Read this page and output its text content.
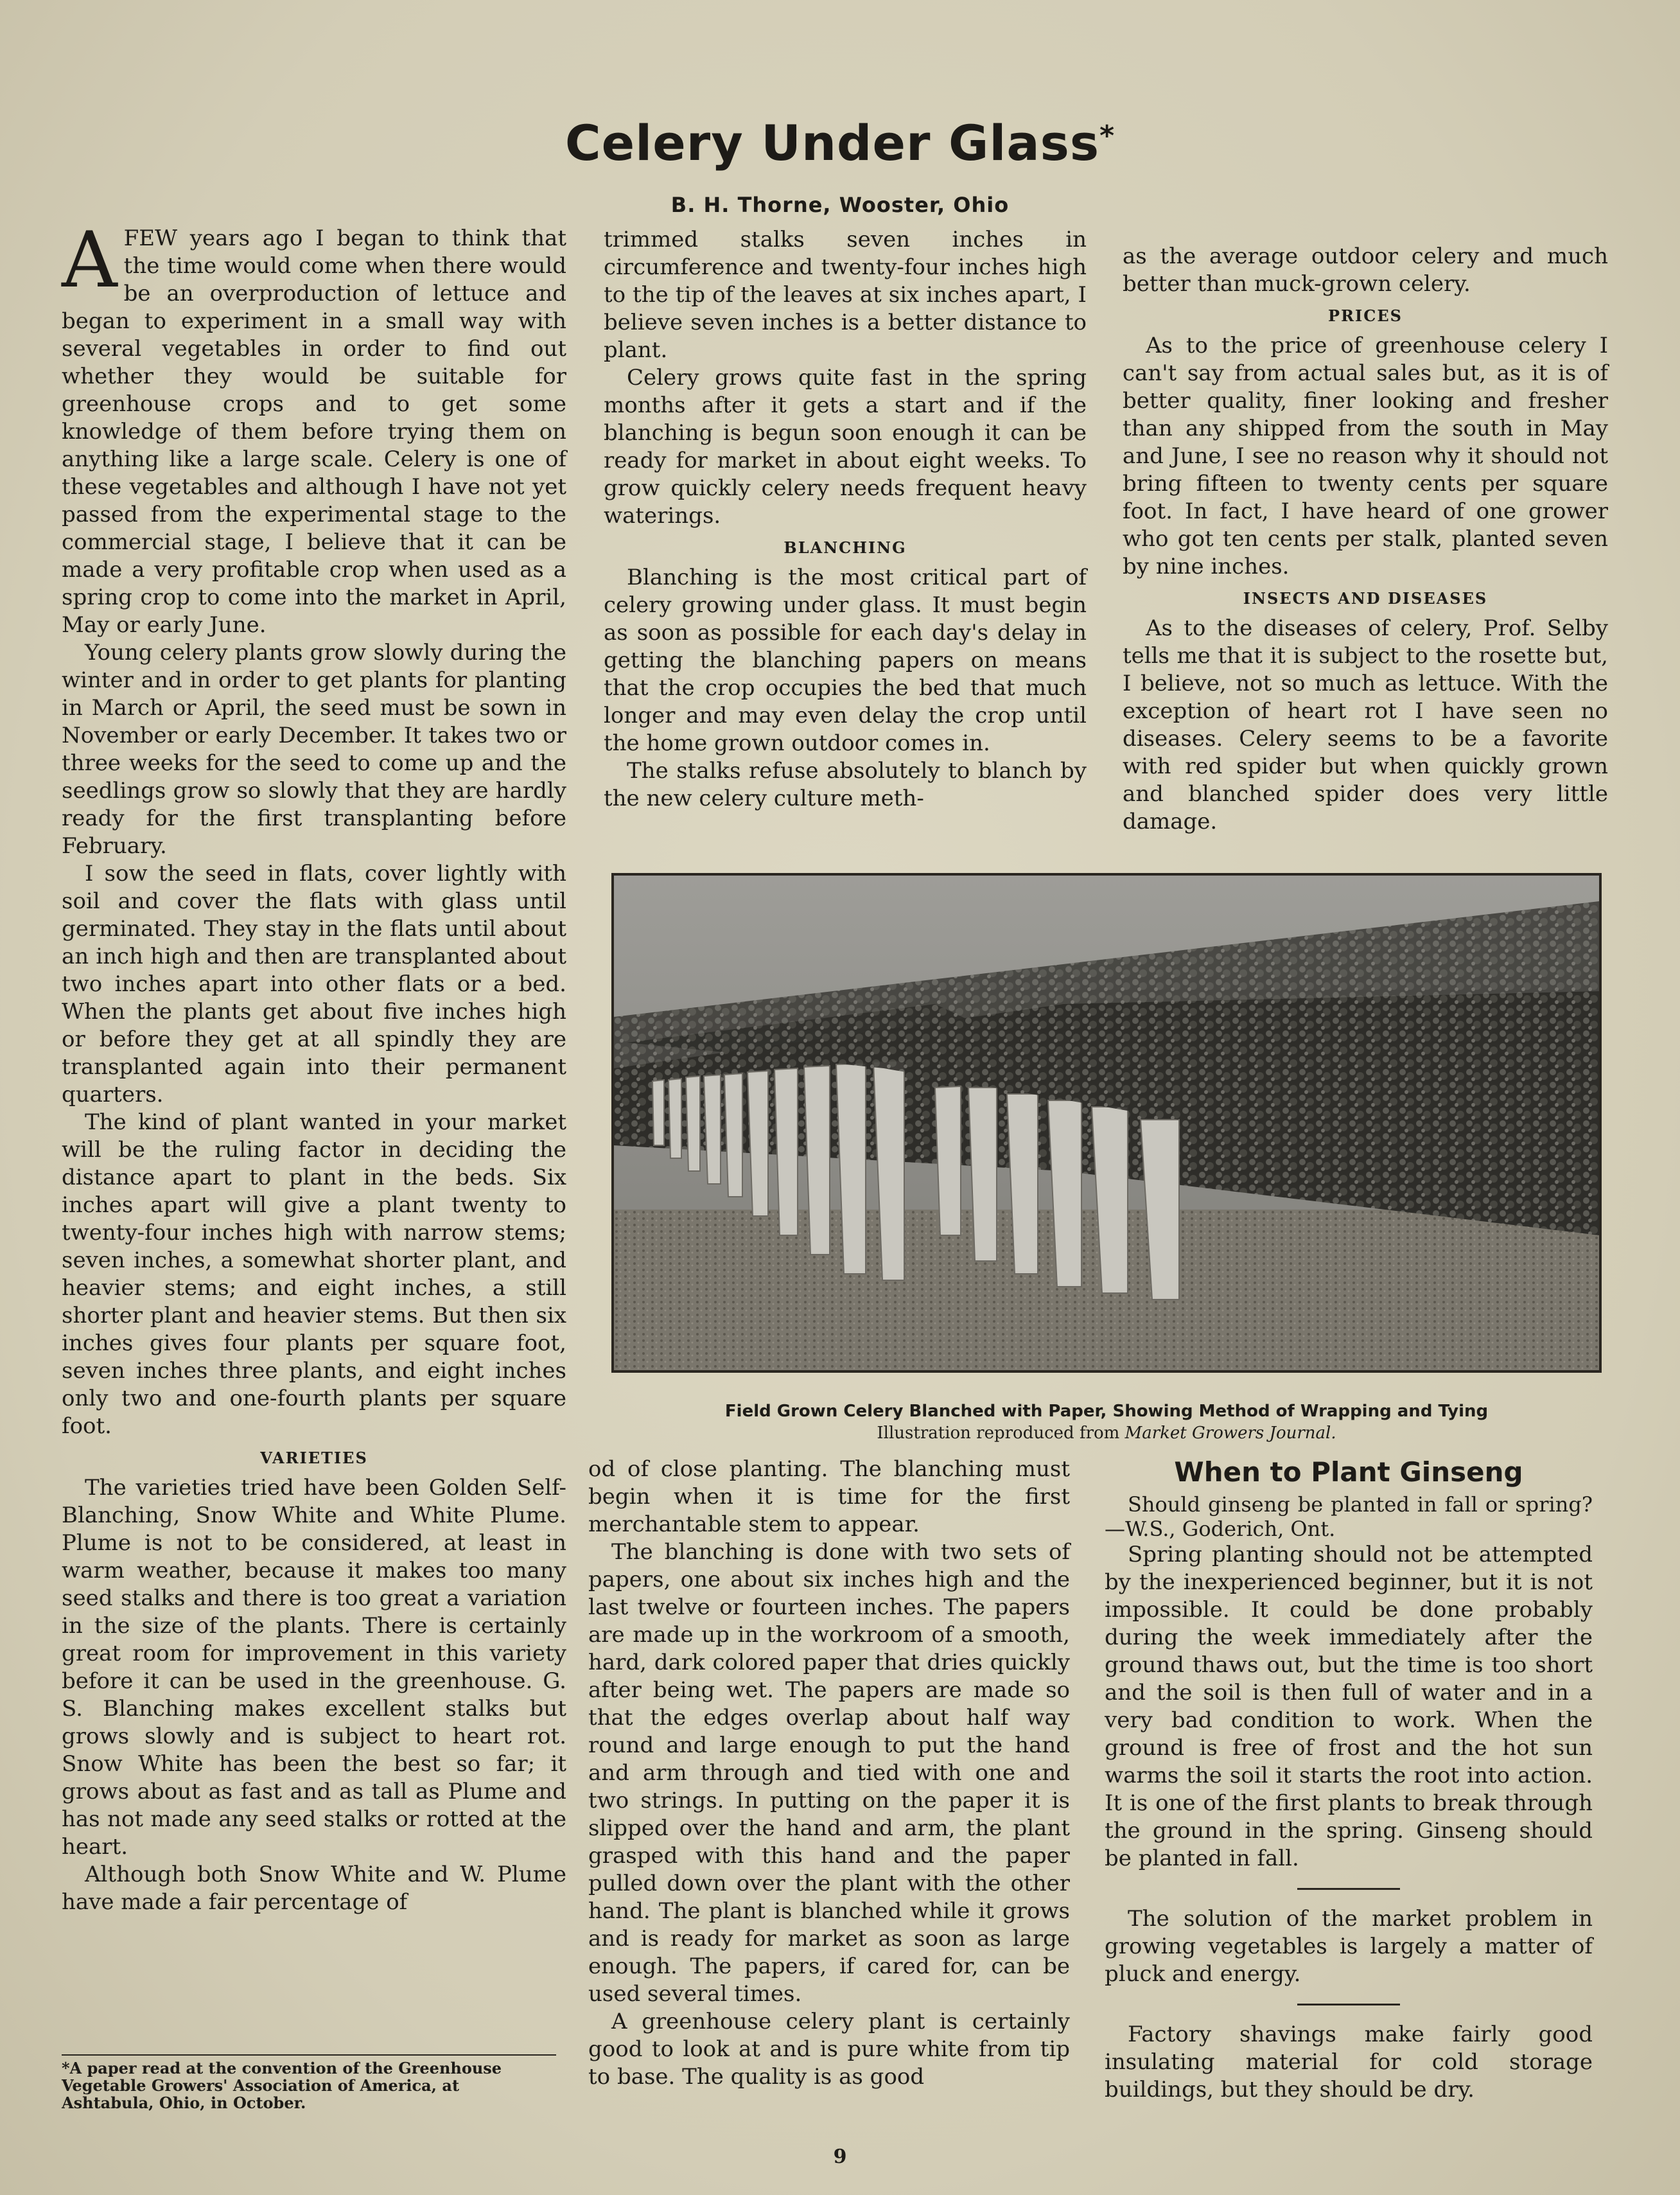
Celery Under Glass*
B. H. Thorne, Wooster, Ohio

AFEW years ago I began to think that the time would come when there would be an overproduction of lettuce and began to experiment in a small way with several vegetables in order to find out whether they would be suitable for greenhouse crops and to get some knowledge of them before trying them on anything like a large scale. Celery is one of these vegetables and although I have not yet passed from the experimental stage to the commercial stage, I believe that it can be made a very profitable crop when used as a spring crop to come into the market in April, May or early June.

Young celery plants grow slowly during the winter and in order to get plants for planting in March or April, the seed must be sown in November or early December. It takes two or three weeks for the seed to come up and the seedlings grow so slowly that they are hardly ready for the first transplanting before February.

I sow the seed in flats, cover lightly with soil and cover the flats with glass until germinated. They stay in the flats until about an inch high and then are transplanted about two inches apart into other flats or a bed. When the plants get about five inches high or before they get at all spindly they are transplanted again into their permanent quarters.

The kind of plant wanted in your market will be the ruling factor in deciding the distance apart to plant in the beds. Six inches apart will give a plant twenty to twenty-four inches high with narrow stems; seven inches, a somewhat shorter plant, and heavier stems; and eight inches, a still shorter plant and heavier stems. But then six inches gives four plants per square foot, seven inches three plants, and eight inches only two and one-fourth plants per square foot.

VARIETIES

The varieties tried have been Golden Self-Blanching, Snow White and White Plume. Plume is not to be considered, at least in warm weather, because it makes too many seed stalks and there is too great a variation in the size of the plants. There is certainly great room for improvement in this variety before it can be used in the greenhouse. G. S. Blanching makes excellent stalks but grows slowly and is subject to heart rot. Snow White has been the best so far; it grows about as fast and as tall as Plume and has not made any seed stalks or rotted at the heart.

Although both Snow White and W. Plume have made a fair percentage of

*A paper read at the convention of the Greenhouse Vegetable Growers' Association of America, at Ashtabula, Ohio, in October.

trimmed stalks seven inches in circumference and twenty-four inches high to the tip of the leaves at six inches apart, I believe seven inches is a better distance to plant.

Celery grows quite fast in the spring months after it gets a start and if the blanching is begun soon enough it can be ready for market in about eight weeks. To grow quickly celery needs frequent heavy waterings.

BLANCHING

Blanching is the most critical part of celery growing under glass. It must begin as soon as possible for each day's delay in getting the blanching papers on means that the crop occupies the bed that much longer and may even delay the crop until the home grown outdoor comes in.

The stalks refuse absolutely to blanch by the new celery culture meth-

as the average outdoor celery and much better than muck-grown celery.

PRICES

As to the price of greenhouse celery I can't say from actual sales but, as it is of better quality, finer looking and fresher than any shipped from the south in May and June, I see no reason why it should not bring fifteen to twenty cents per square foot. In fact, I have heard of one grower who got ten cents per stalk, planted seven by nine inches.

INSECTS AND DISEASES

As to the diseases of celery, Prof. Selby tells me that it is subject to the rosette but, I believe, not so much as lettuce. With the exception of heart rot I have seen no diseases. Celery seems to be a favorite with red spider but when quickly grown and blanched spider does very little damage.

Field Grown Celery Blanched with Paper, Showing Method of Wrapping and Tying
Illustration reproduced from Market Growers Journal.

od of close planting. The blanching must begin when it is time for the first merchantable stem to appear.

The blanching is done with two sets of papers, one about six inches high and the last twelve or fourteen inches. The papers are made up in the workroom of a smooth, hard, dark colored paper that dries quickly after being wet. The papers are made so that the edges overlap about half way round and large enough to put the hand and arm through and tied with one and two strings. In putting on the paper it is slipped over the hand and arm, the plant grasped with this hand and the paper pulled down over the plant with the other hand. The plant is blanched while it grows and is ready for market as soon as large enough. The papers, if cared for, can be used several times.

A greenhouse celery plant is certainly good to look at and is pure white from tip to base. The quality is as good

When to Plant Ginseng

Should ginseng be planted in fall or spring?—W.S., Goderich, Ont.

Spring planting should not be attempted by the inexperienced beginner, but it is not impossible. It could be done probably during the week immediately after the ground thaws out, but the time is too short and the soil is then full of water and in a very bad condition to work. When the ground is free of frost and the hot sun warms the soil it starts the root into action. It is one of the first plants to break through the ground in the spring. Ginseng should be planted in fall.

The solution of the market problem in growing vegetables is largely a matter of pluck and energy.

Factory shavings make fairly good insulating material for cold storage buildings, but they should be dry.

9
